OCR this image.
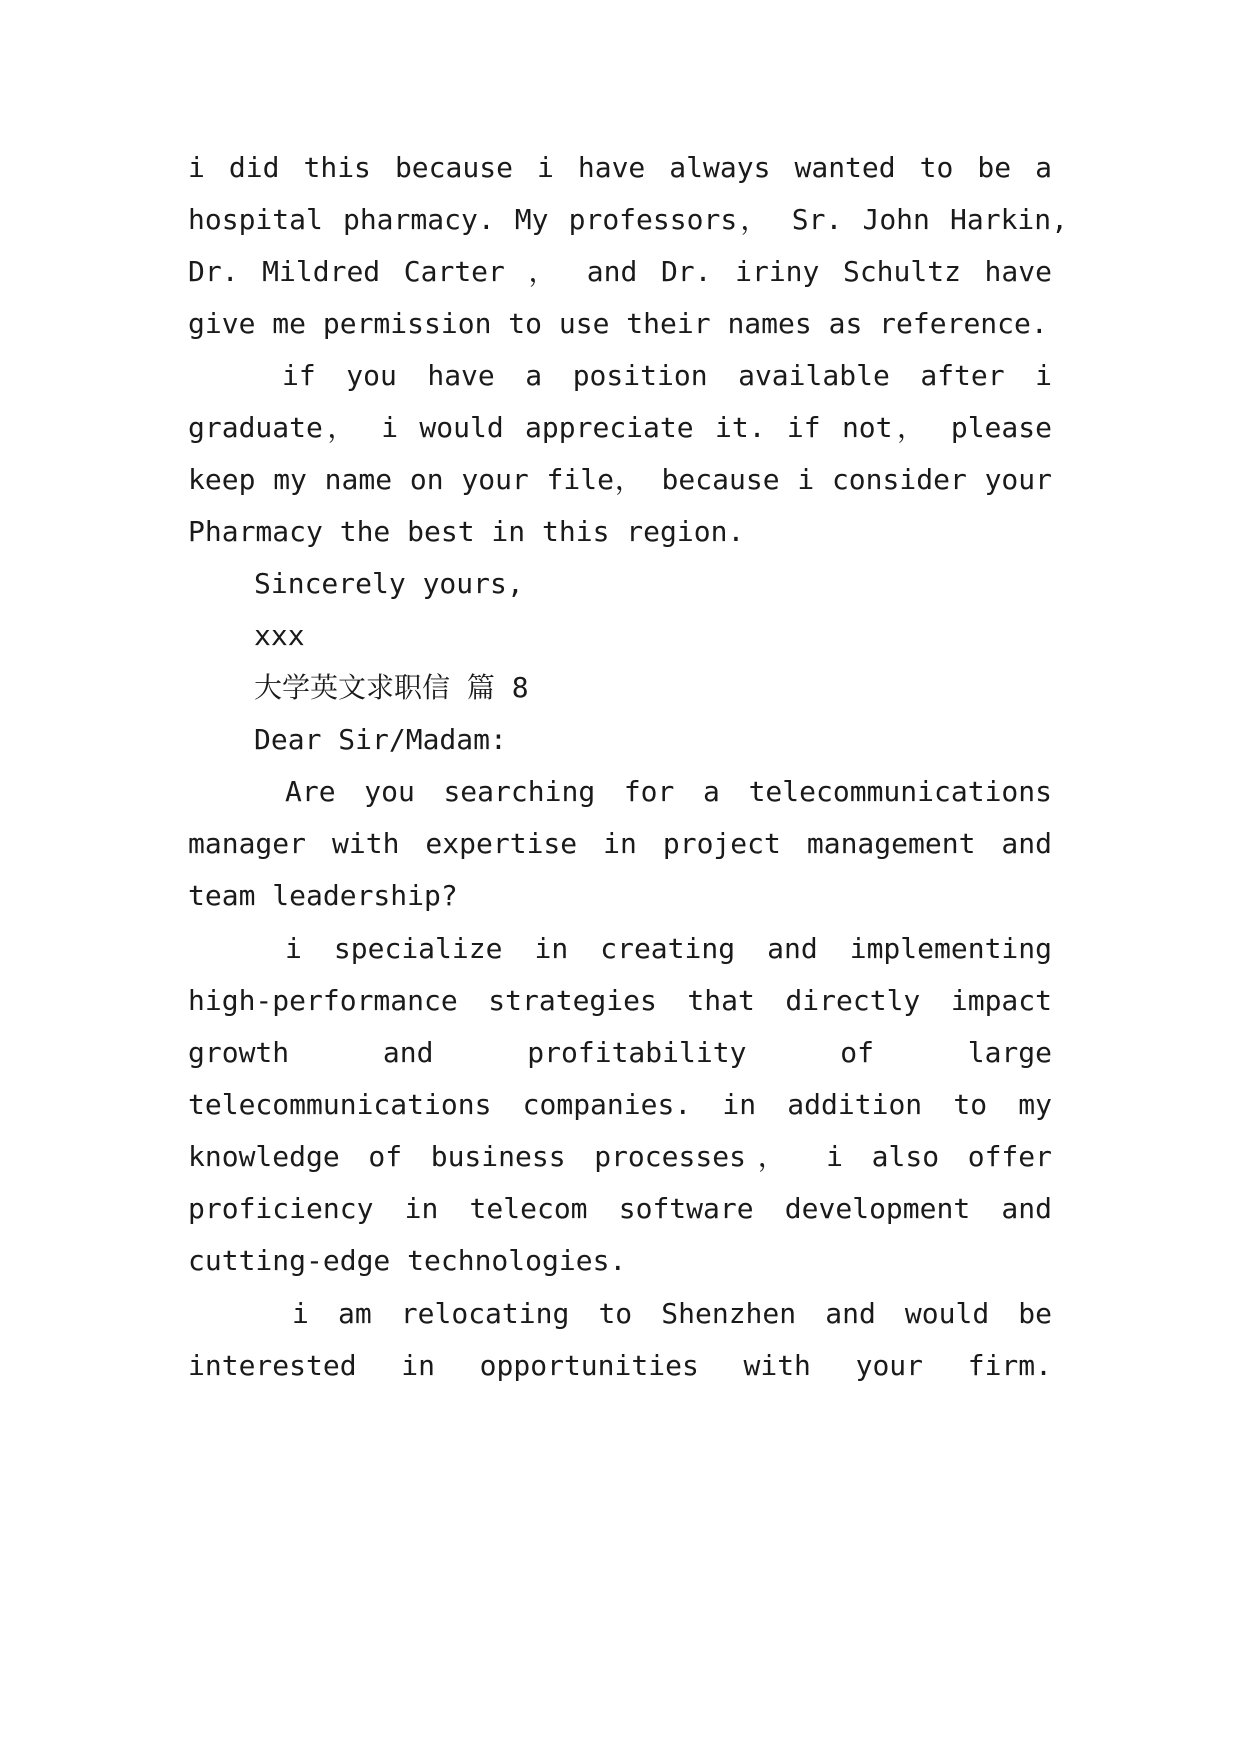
i did this because i have always wanted to be a
hospital pharmacy. My professors， Sr. John Harkin,
Dr. Mildred Carter ， and Dr. iriny Schultz have
give me permission to use their names as reference.
if you have a position available after i
graduate， i would appreciate it. if not， please
keep my name on your file， because i consider your
Pharmacy the best in this region.
Sincerely yours,
xxx
大学英文求职信 篇 8
Dear Sir/Madam:
Are you searching for a telecommunications
manager with expertise in project management and
team leadership?
i specialize in creating and implementing
high-performance strategies that directly impact
growth and profitability of large
telecommunications companies. in addition to my
knowledge of business processes， i also offer
proficiency in telecom software development and
cutting-edge technologies.
i am relocating to Shenzhen and would be
interested in opportunities with your firm.
